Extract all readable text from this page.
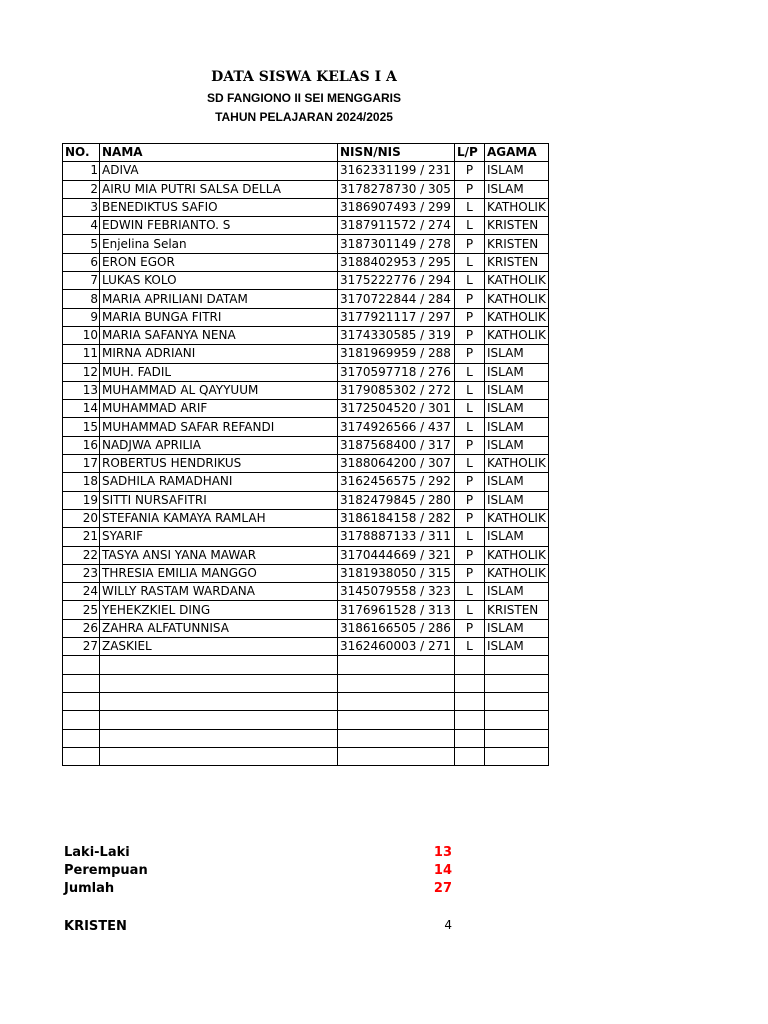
DATA SISWA KELAS I A
SD FANGIONO II SEI MENGGARIS
TAHUN PELAJARAN 2024/2025
NO.	NAMA	NISN/NIS	L/P	AGAMA
1	ADIVA	3162331199 / 231	P	ISLAM
2	AIRU MIA PUTRI SALSA DELLA	3178278730 / 305	P	ISLAM
3	BENEDIKTUS SAFIO	3186907493 / 299	L	KATHOLIK
4	EDWIN FEBRIANTO. S	3187911572 / 274	L	KRISTEN
5	Enjelina Selan	3187301149 / 278	P	KRISTEN
6	ERON EGOR	3188402953 / 295	L	KRISTEN
7	LUKAS KOLO	3175222776 / 294	L	KATHOLIK
8	MARIA APRILIANI DATAM	3170722844 / 284	P	KATHOLIK
9	MARIA BUNGA FITRI	3177921117 / 297	P	KATHOLIK
10	MARIA SAFANYA NENA	3174330585 / 319	P	KATHOLIK
11	MIRNA ADRIANI	3181969959 / 288	P	ISLAM
12	MUH. FADIL	3170597718 / 276	L	ISLAM
13	MUHAMMAD AL QAYYUUM	3179085302 / 272	L	ISLAM
14	MUHAMMAD ARIF	3172504520 / 301	L	ISLAM
15	MUHAMMAD SAFAR REFANDI	3174926566 / 437	L	ISLAM
16	NADJWA APRILIA	3187568400 / 317	P	ISLAM
17	ROBERTUS HENDRIKUS	3188064200 / 307	L	KATHOLIK
18	SADHILA RAMADHANI	3162456575 / 292	P	ISLAM
19	SITTI NURSAFITRI	3182479845 / 280	P	ISLAM
20	STEFANIA KAMAYA RAMLAH	3186184158 / 282	P	KATHOLIK
21	SYARIF	3178887133 / 311	L	ISLAM
22	TASYA ANSI YANA MAWAR	3170444669 / 321	P	KATHOLIK
23	THRESIA EMILIA MANGGO	3181938050 / 315	P	KATHOLIK
24	WILLY RASTAM WARDANA	3145079558 / 323	L	ISLAM
25	YEHEKZKIEL DING	3176961528 / 313	L	KRISTEN
26	ZAHRA ALFATUNNISA	3186166505 / 286	P	ISLAM
27	ZASKIEL	3162460003 / 271	L	ISLAM

Laki-Laki	13
Perempuan	14
Jumlah	27
KRISTEN	4
